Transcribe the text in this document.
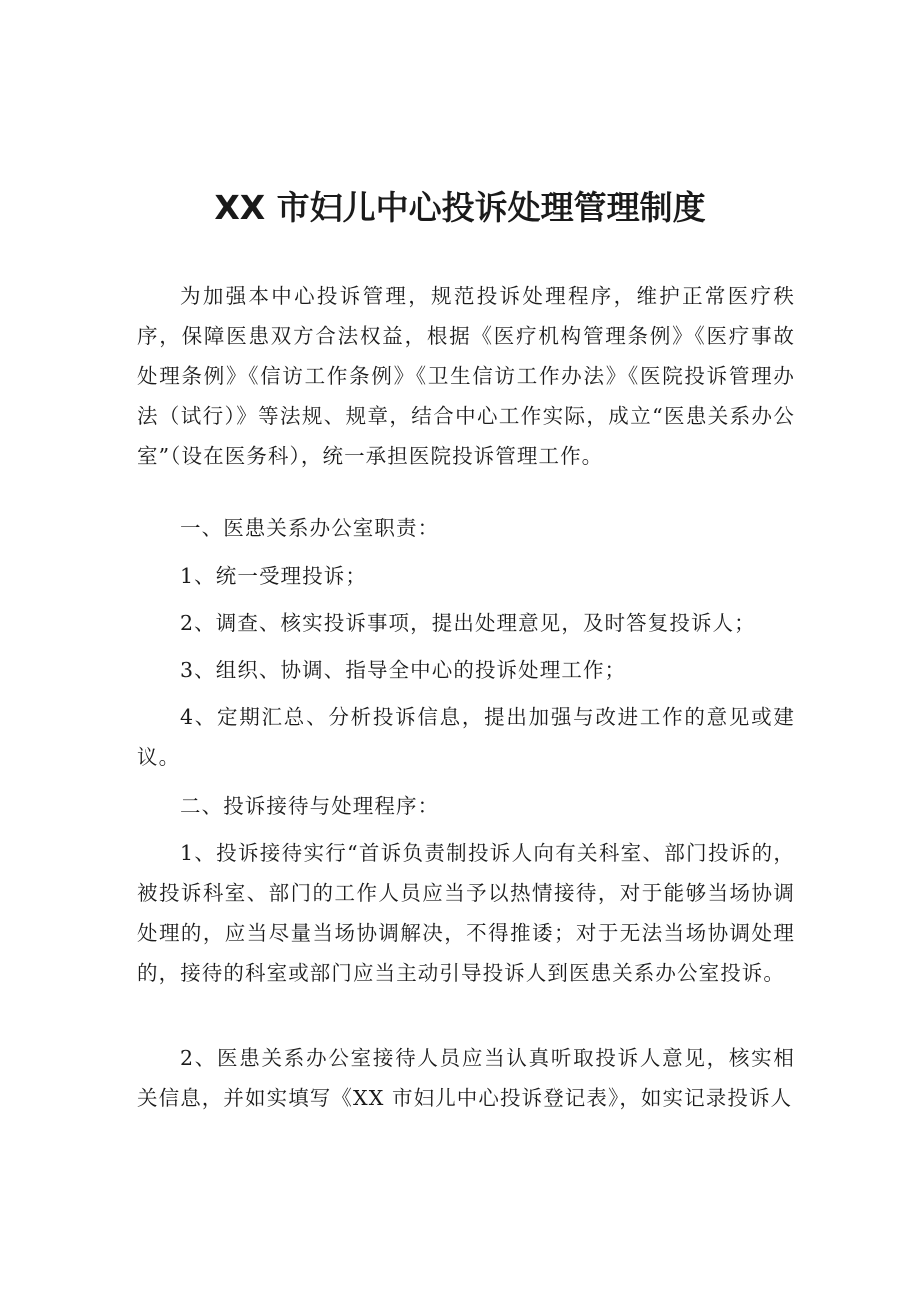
XX 市妇儿中心投诉处理管理制度

为加强本中心投诉管理，规范投诉处理程序，维护正常医疗秩序，保障医患双方合法权益，根据《医疗机构管理条例》《医疗事故处理条例》《信访工作条例》《卫生信访工作办法》《医院投诉管理办法（试行）》等法规、规章，结合中心工作实际，成立“医患关系办公室”（设在医务科），统一承担医院投诉管理工作。

一、医患关系办公室职责：

1、统一受理投诉；

2、调查、核实投诉事项，提出处理意见，及时答复投诉人；

3、组织、协调、指导全中心的投诉处理工作；

4、定期汇总、分析投诉信息，提出加强与改进工作的意见或建议。

二、投诉接待与处理程序：

1、投诉接待实行“首诉负责制投诉人向有关科室、部门投诉的，被投诉科室、部门的工作人员应当予以热情接待，对于能够当场协调处理的，应当尽量当场协调解决，不得推诿；对于无法当场协调处理的，接待的科室或部门应当主动引导投诉人到医患关系办公室投诉。

2、医患关系办公室接待人员应当认真听取投诉人意见，核实相关信息，并如实填写《XX 市妇儿中心投诉登记表》，如实记录投诉人
